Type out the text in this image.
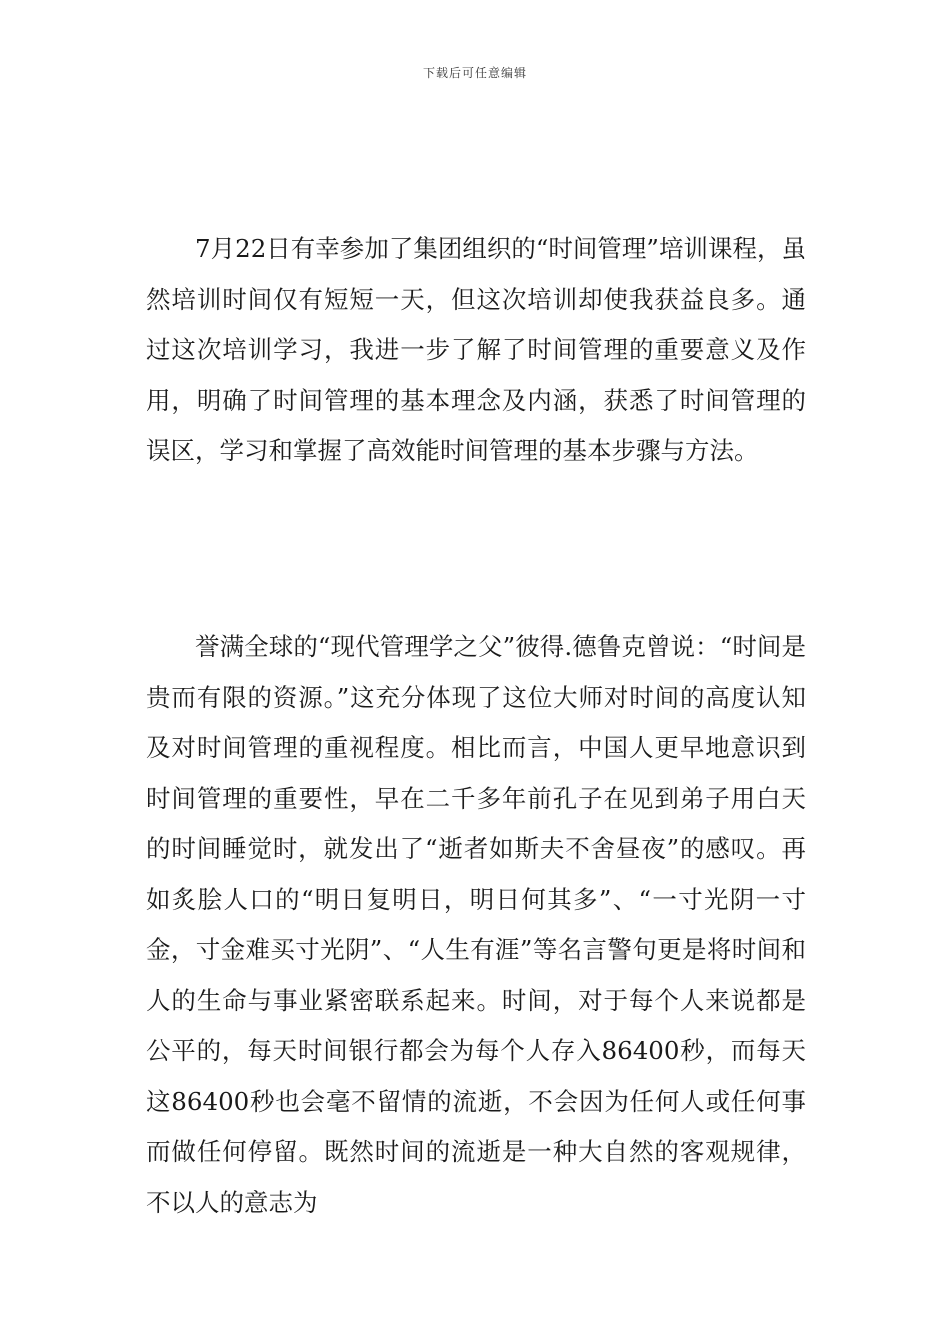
下载后可任意编辑

7月22日有幸参加了集团组织的“时间管理”培训课程，虽然培训时间仅有短短一天，但这次培训却使我获益良多。通过这次培训学习，我进一步了解了时间管理的重要意义及作用，明确了时间管理的基本理念及内涵，获悉了时间管理的误区，学习和掌握了高效能时间管理的基本步骤与方法。

誉满全球的“现代管理学之父”彼得.德鲁克曾说：“时间是贵而有限的资源。”这充分体现了这位大师对时间的高度认知及对时间管理的重视程度。相比而言，中国人更早地意识到时间管理的重要性，早在二千多年前孔子在见到弟子用白天的时间睡觉时，就发出了“逝者如斯夫不舍昼夜”的感叹。再如炙脍人口的“明日复明日，明日何其多”、“一寸光阴一寸金，寸金难买寸光阴”、“人生有涯”等名言警句更是将时间和人的生命与事业紧密联系起来。时间，对于每个人来说都是公平的，每天时间银行都会为每个人存入86400秒，而每天这86400秒也会毫不留情的流逝，不会因为任何人或任何事而做任何停留。既然时间的流逝是一种大自然的客观规律，不以人的意志为
